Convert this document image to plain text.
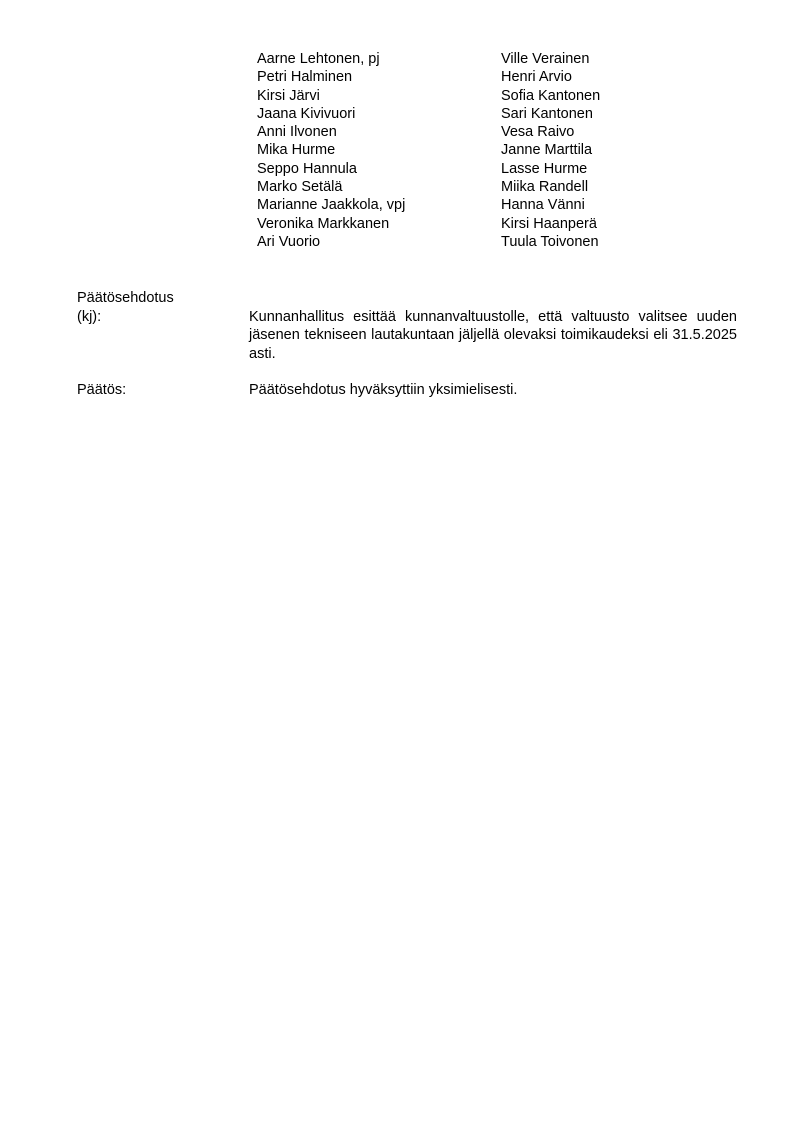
Aarne Lehtonen, pj
Petri Halminen
Kirsi Järvi
Jaana Kivivuori
Anni Ilvonen
Mika Hurme
Seppo Hannula
Marko Setälä
Marianne Jaakkola, vpj
Veronika Markkanen
Ari Vuorio
Ville Verainen
Henri Arvio
Sofia Kantonen
Sari Kantonen
Vesa Raivo
Janne Marttila
Lasse Hurme
Miika Randell
Hanna Vänni
Kirsi Haanperä
Tuula Toivonen
Päätösehdotus
(kj):	Kunnanhallitus esittää kunnanvaltuustolle, että valtuusto valitsee uuden jäsenen tekniseen lautakuntaan jäljellä olevaksi toimikaudeksi eli 31.5.2025 asti.
Päätös:	Päätösehdotus hyväksyttiin yksimielisesti.
